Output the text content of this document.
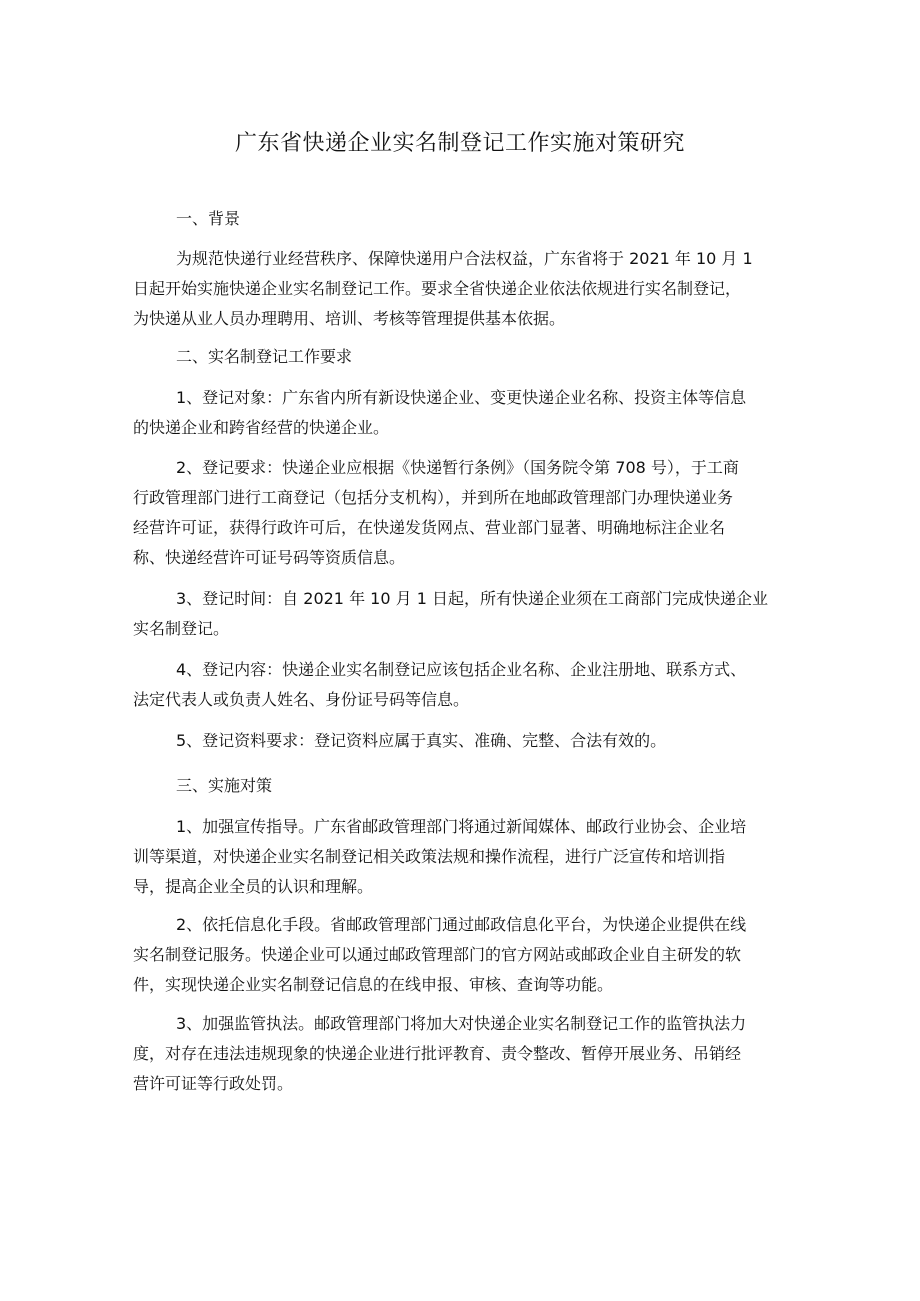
广东省快递企业实名制登记工作实施对策研究
一、背景
为规范快递行业经营秩序、保障快递用户合法权益，广东省将于 2021 年 10 月 1
日起开始实施快递企业实名制登记工作。要求全省快递企业依法依规进行实名制登记，
为快递从业人员办理聘用、培训、考核等管理提供基本依据。
二、实名制登记工作要求
1、登记对象：广东省内所有新设快递企业、变更快递企业名称、投资主体等信息
的快递企业和跨省经营的快递企业。
2、登记要求：快递企业应根据《快递暂行条例》（国务院令第 708 号），于工商
行政管理部门进行工商登记（包括分支机构），并到所在地邮政管理部门办理快递业务
经营许可证，获得行政许可后，在快递发货网点、营业部门显著、明确地标注企业名
称、快递经营许可证号码等资质信息。
3、登记时间：自 2021 年 10 月 1 日起，所有快递企业须在工商部门完成快递企业
实名制登记。
4、登记内容：快递企业实名制登记应该包括企业名称、企业注册地、联系方式、
法定代表人或负责人姓名、身份证号码等信息。
5、登记资料要求：登记资料应属于真实、准确、完整、合法有效的。
三、实施对策
1、加强宣传指导。广东省邮政管理部门将通过新闻媒体、邮政行业协会、企业培
训等渠道，对快递企业实名制登记相关政策法规和操作流程，进行广泛宣传和培训指
导，提高企业全员的认识和理解。
2、依托信息化手段。省邮政管理部门通过邮政信息化平台，为快递企业提供在线
实名制登记服务。快递企业可以通过邮政管理部门的官方网站或邮政企业自主研发的软
件，实现快递企业实名制登记信息的在线申报、审核、查询等功能。
3、加强监管执法。邮政管理部门将加大对快递企业实名制登记工作的监管执法力
度，对存在违法违规现象的快递企业进行批评教育、责令整改、暂停开展业务、吊销经
营许可证等行政处罚。
